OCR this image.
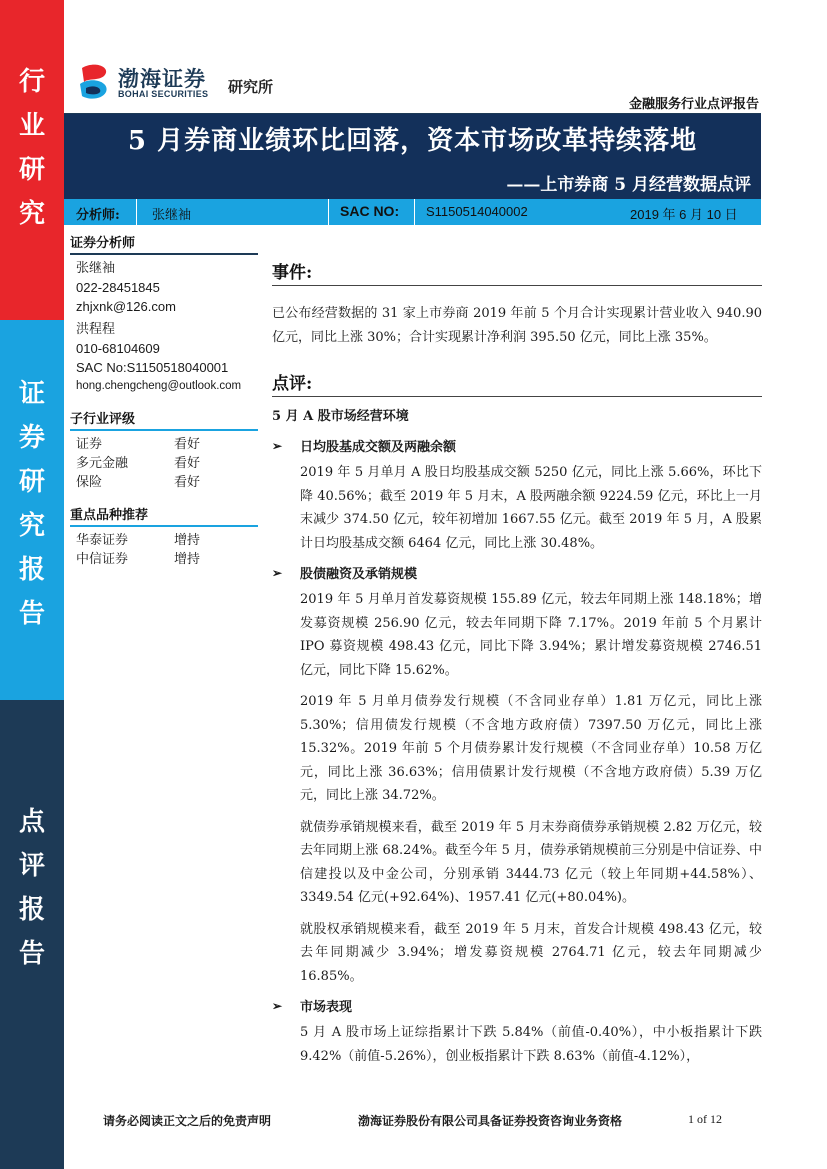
行
业
研
究
证
券
研
究
报
告
点
评
报
告
渤海证券
BOHAI SECURITIES 研究所
金融服务行业点评报告
5 月券商业绩环比回落，资本市场改革持续落地
——上市券商 5 月经营数据点评
分析师: 张继袖	SAC NO: S1150514040002	2019 年 6 月 10 日
证券分析师
张继袖
022-28451845
zhjxnk@126.com
洪程程
010-68104609
SAC No:S1150518040001
hong.chengcheng@outlook.com
子行业评级
证券	看好
多元金融	看好
保险	看好
重点品种推荐
华泰证券	增持
中信证券	增持
事件:
已公布经营数据的 31 家上市券商 2019 年前 5 个月合计实现累计营业收入 940.90 亿元，同比上涨 30%；合计实现累计净利润 395.50 亿元，同比上涨 35%。
点评:
5 月 A 股市场经营环境
➢	日均股基成交额及两融余额
2019 年 5 月单月 A 股日均股基成交额 5250 亿元，同比上涨 5.66%，环比下降 40.56%；截至 2019 年 5 月末，A 股两融余额 9224.59 亿元，环比上一月末减少 374.50 亿元，较年初增加 1667.55 亿元。截至 2019 年 5 月，A 股累计日均股基成交额 6464 亿元，同比上涨 30.48%。
➢	股债融资及承销规模
2019 年 5 月单月首发募资规模 155.89 亿元，较去年同期上涨 148.18%；增发募资规模 256.90 亿元，较去年同期下降 7.17%。2019 年前 5 个月累计 IPO 募资规模 498.43 亿元，同比下降 3.94%；累计增发募资规模 2746.51 亿元，同比下降 15.62%。
2019 年 5 月单月债券发行规模（不含同业存单）1.81 万亿元，同比上涨 5.30%；信用债发行规模（不含地方政府债）7397.50 万亿元，同比上涨 15.32%。2019 年前 5 个月债券累计发行规模（不含同业存单）10.58 万亿元，同比上涨 36.63%；信用债累计发行规模（不含地方政府债）5.39 万亿元，同比上涨 34.72%。
就债券承销规模来看，截至 2019 年 5 月末券商债券承销规模 2.82 万亿元，较去年同期上涨 68.24%。截至今年 5 月，债券承销规模前三分别是中信证券、中信建投以及中金公司，分别承销 3444.73 亿元（较上年同期+44.58%）、3349.54 亿元(+92.64%)、1957.41 亿元(+80.04%)。
就股权承销规模来看，截至 2019 年 5 月末，首发合计规模 498.43 亿元，较去年同期减少 3.94%；增发募资规模 2764.71 亿元，较去年同期减少 16.85%。
➢	市场表现
5 月 A 股市场上证综指累计下跌 5.84%（前值-0.40%），中小板指累计下跌 9.42%（前值-5.26%），创业板指累计下跌 8.63%（前值-4.12%），
请务必阅读正文之后的免责声明	渤海证券股份有限公司具备证券投资咨询业务资格	1 of 12
